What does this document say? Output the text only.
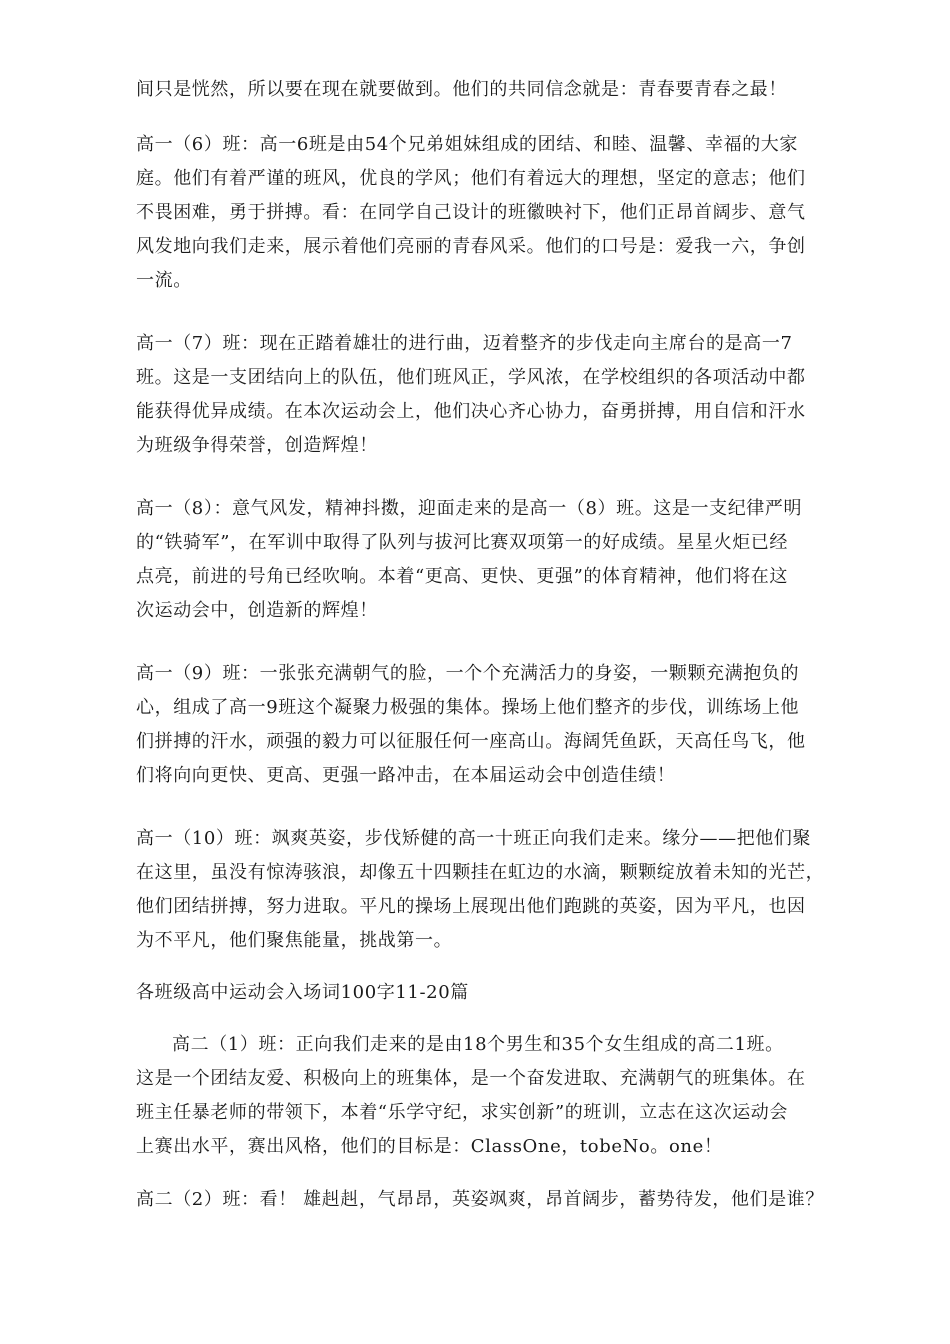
间只是恍然，所以要在现在就要做到。他们的共同信念就是：青春要青春之最！
高一（6）班：高一6班是由54个兄弟姐妹组成的团结、和睦、温馨、幸福的大家
庭。他们有着严谨的班风，优良的学风；他们有着远大的理想，坚定的意志；他们
不畏困难，勇于拼搏。看：在同学自己设计的班徽映衬下，他们正昂首阔步、意气
风发地向我们走来，展示着他们亮丽的青春风采。他们的口号是：爱我一六，争创
一流。
高一（7）班：现在正踏着雄壮的进行曲，迈着整齐的步伐走向主席台的是高一7
班。这是一支团结向上的队伍，他们班风正，学风浓，在学校组织的各项活动中都
能获得优异成绩。在本次运动会上，他们决心齐心协力，奋勇拼搏，用自信和汗水
为班级争得荣誉，创造辉煌！
高一（8）：意气风发，精神抖擞，迎面走来的是高一（8）班。这是一支纪律严明
的“铁骑军”，在军训中取得了队列与拔河比赛双项第一的好成绩。星星火炬已经
点亮，前进的号角已经吹响。本着“更高、更快、更强”的体育精神，他们将在这
次运动会中，创造新的辉煌！
高一（9）班：一张张充满朝气的脸，一个个充满活力的身姿，一颗颗充满抱负的
心，组成了高一9班这个凝聚力极强的集体。操场上他们整齐的步伐，训练场上他
们拼搏的汗水，顽强的毅力可以征服任何一座高山。海阔凭鱼跃，天高任鸟飞，他
们将向向更快、更高、更强一路冲击，在本届运动会中创造佳绩！
高一（10）班：飒爽英姿，步伐矫健的高一十班正向我们走来。缘分——把他们聚
在这里，虽没有惊涛骇浪，却像五十四颗挂在虹边的水滴，颗颗绽放着未知的光芒，
他们团结拼搏，努力进取。平凡的操场上展现出他们跑跳的英姿，因为平凡，也因
为不平凡，他们聚焦能量，挑战第一。
各班级高中运动会入场词100字11-20篇
高二（1）班：正向我们走来的是由18个男生和35个女生组成的高二1班。
这是一个团结友爱、积极向上的班集体，是一个奋发进取、充满朝气的班集体。在
班主任暴老师的带领下，本着“乐学守纪，求实创新”的班训，立志在这次运动会
上赛出水平，赛出风格，他们的目标是：ClassOne，tobeNo。one！
高二（2）班：看！ 雄赳赳，气昂昂，英姿飒爽，昂首阔步，蓄势待发，他们是谁？
